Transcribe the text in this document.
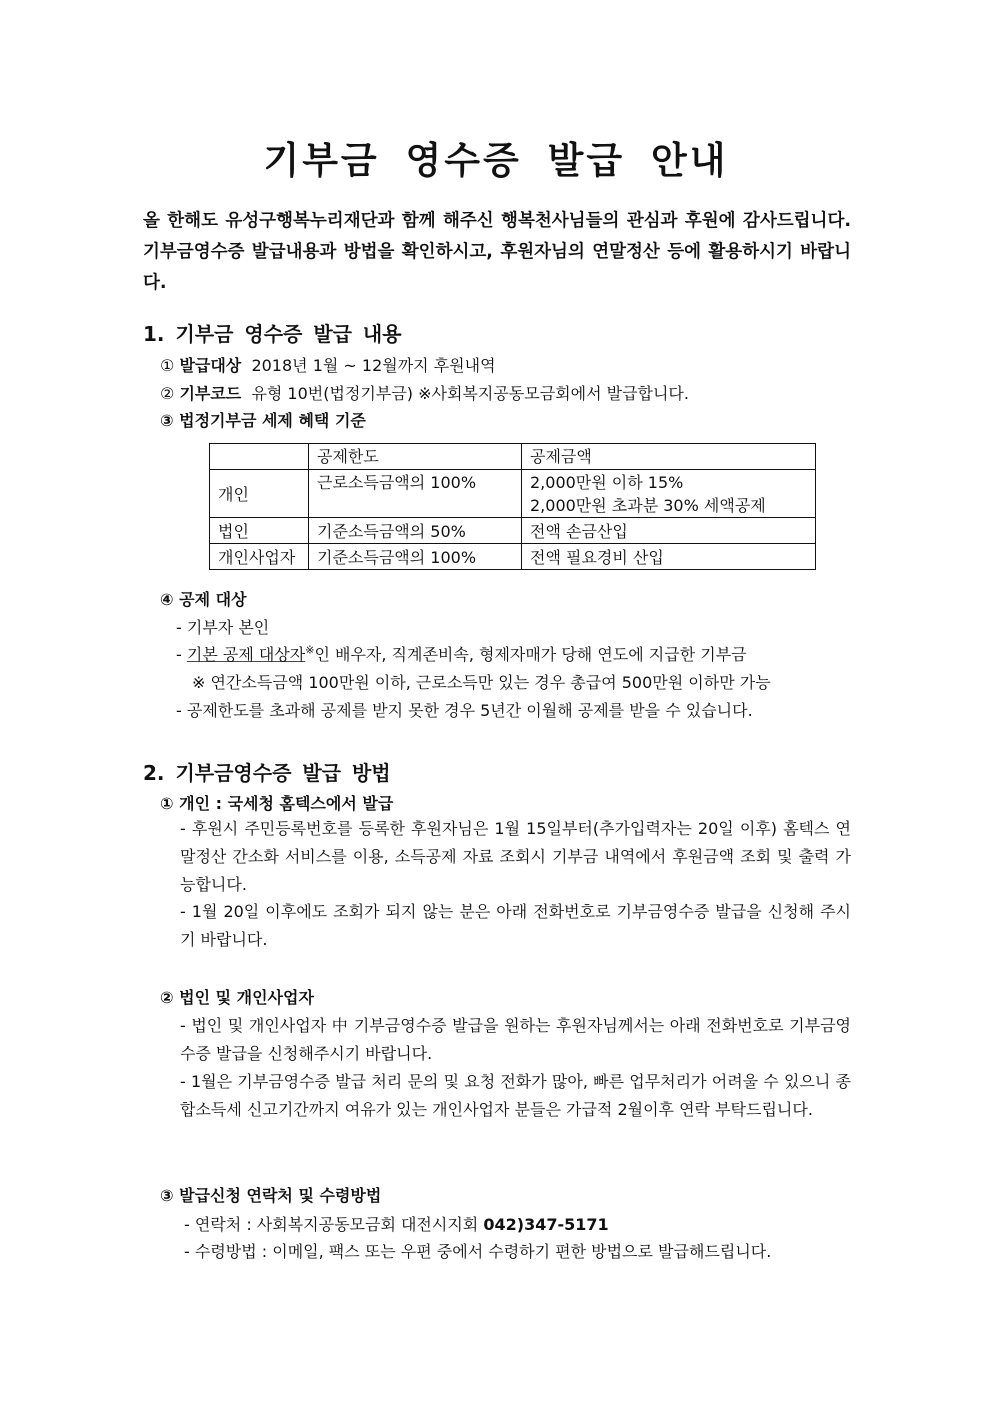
기부금 영수증 발급 안내
올 한해도 유성구행복누리재단과 함께 해주신 행복천사님들의 관심과 후원에 감사드립니다. 기부금영수증 발급내용과 방법을 확인하시고, 후원자님의 연말정산 등에 활용하시기 바랍니다.
1. 기부금 영수증 발급 내용
① 발급대상 2018년 1월 ~ 12월까지 후원내역
② 기부코드 유형 10번(법정기부금) ※사회복지공동모금회에서 발급합니다.
③ 법정기부금 세제 혜택 기준
	공제한도	공제금액
개인	근로소득금액의 100%	2,000만원 이하 15%
2,000만원 초과분 30% 세액공제

법인	기준소득금액의 50%	전액 손금산입
개인사업자	기준소득금액의 100%	전액 필요경비 산입
④ 공제 대상
- 기부자 본인
- 기본 공제 대상자※인 배우자, 직계존비속, 형제자매가 당해 연도에 지급한 기부금
※ 연간소득금액 100만원 이하, 근로소득만 있는 경우 총급여 500만원 이하만 가능
- 공제한도를 초과해 공제를 받지 못한 경우 5년간 이월해 공제를 받을 수 있습니다.
2. 기부금영수증 발급 방법
① 개인 : 국세청 홈텍스에서 발급
- 후원시 주민등록번호를 등록한 후원자님은 1월 15일부터(추가입력자는 20일 이후) 홈텍스 연말정산 간소화 서비스를 이용, 소득공제 자료 조회시 기부금 내역에서 후원금액 조회 및 출력 가능합니다.
- 1월 20일 이후에도 조회가 되지 않는 분은 아래 전화번호로 기부금영수증 발급을 신청해 주시기 바랍니다.
② 법인 및 개인사업자
- 법인 및 개인사업자 中 기부금영수증 발급을 원하는 후원자님께서는 아래 전화번호로 기부금영수증 발급을 신청해주시기 바랍니다.
- 1월은 기부금영수증 발급 처리 문의 및 요청 전화가 많아, 빠른 업무처리가 어려울 수 있으니 종합소득세 신고기간까지 여유가 있는 개인사업자 분들은 가급적 2월이후 연락 부탁드립니다.
③ 발급신청 연락처 및 수령방법
- 연락처 : 사회복지공동모금회 대전시지회 042)347-5171
- 수령방법 : 이메일, 팩스 또는 우편 중에서 수령하기 편한 방법으로 발급해드립니다.
